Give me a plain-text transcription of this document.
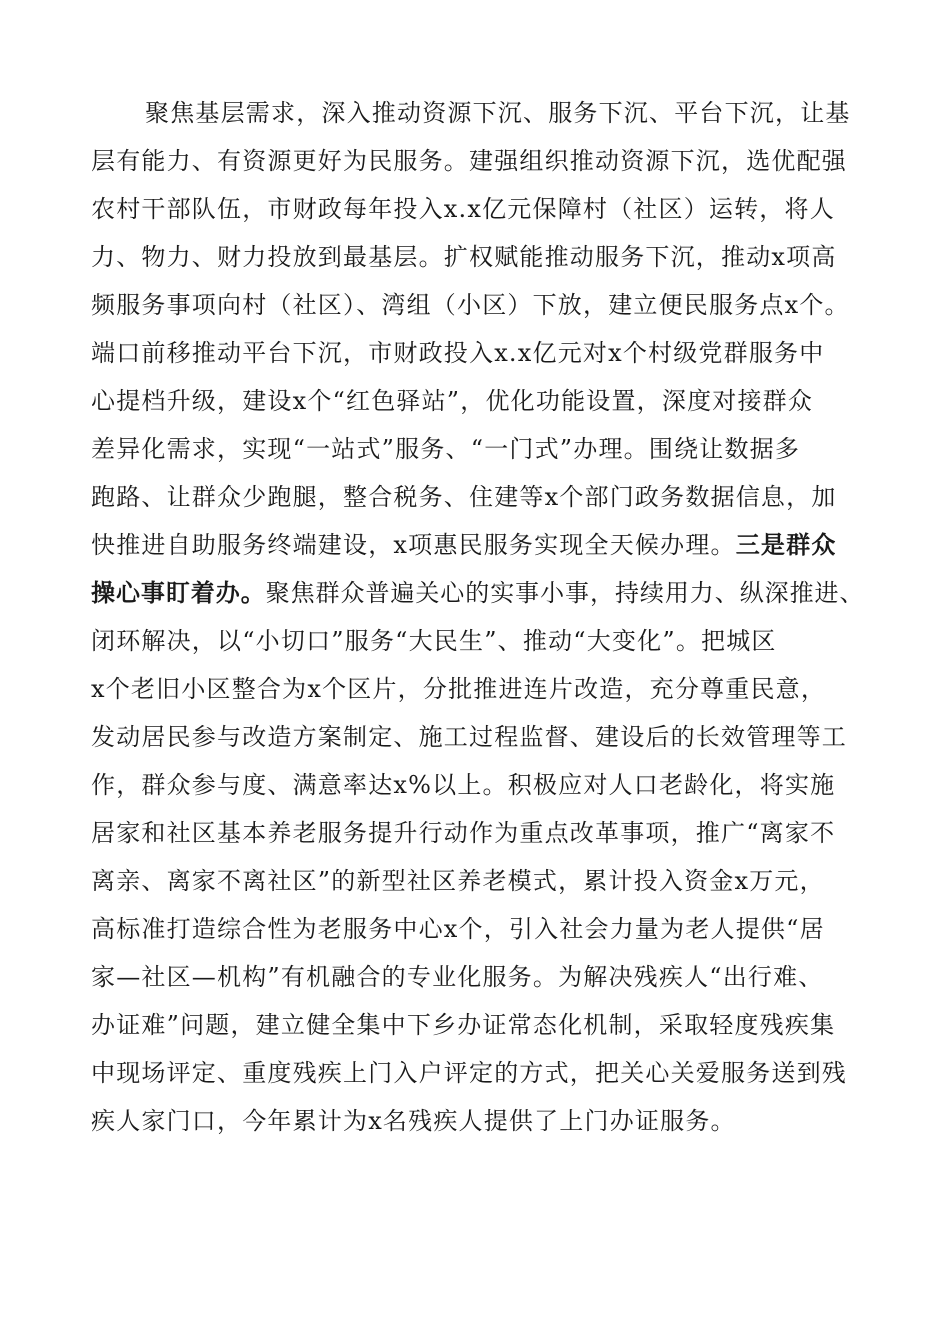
聚焦基层需求，深入推动资源下沉、服务下沉、平台下沉，让基
层有能力、有资源更好为民服务。建强组织推动资源下沉，选优配强
农村干部队伍，市财政每年投入x.x亿元保障村（社区）运转，将人
力、物力、财力投放到最基层。扩权赋能推动服务下沉，推动x项高
频服务事项向村（社区）、湾组（小区）下放，建立便民服务点x个。
端口前移推动平台下沉，市财政投入x.x亿元对x个村级党群服务中
心提档升级，建设x个“红色驿站”，优化功能设置，深度对接群众
差异化需求，实现“一站式”服务、“一门式”办理。围绕让数据多
跑路、让群众少跑腿，整合税务、住建等x个部门政务数据信息，加
快推进自助服务终端建设，x项惠民服务实现全天候办理。三是群众
操心事盯着办。聚焦群众普遍关心的实事小事，持续用力、纵深推进、
闭环解决，以“小切口”服务“大民生”、推动“大变化”。把城区
x个老旧小区整合为x个区片，分批推进连片改造，充分尊重民意，
发动居民参与改造方案制定、施工过程监督、建设后的长效管理等工
作，群众参与度、满意率达x%以上。积极应对人口老龄化，将实施
居家和社区基本养老服务提升行动作为重点改革事项，推广“离家不
离亲、离家不离社区”的新型社区养老模式，累计投入资金x万元，
高标准打造综合性为老服务中心x个，引入社会力量为老人提供“居
家—社区—机构”有机融合的专业化服务。为解决残疾人“出行难、
办证难”问题，建立健全集中下乡办证常态化机制，采取轻度残疾集
中现场评定、重度残疾上门入户评定的方式，把关心关爱服务送到残
疾人家门口，今年累计为x名残疾人提供了上门办证服务。
